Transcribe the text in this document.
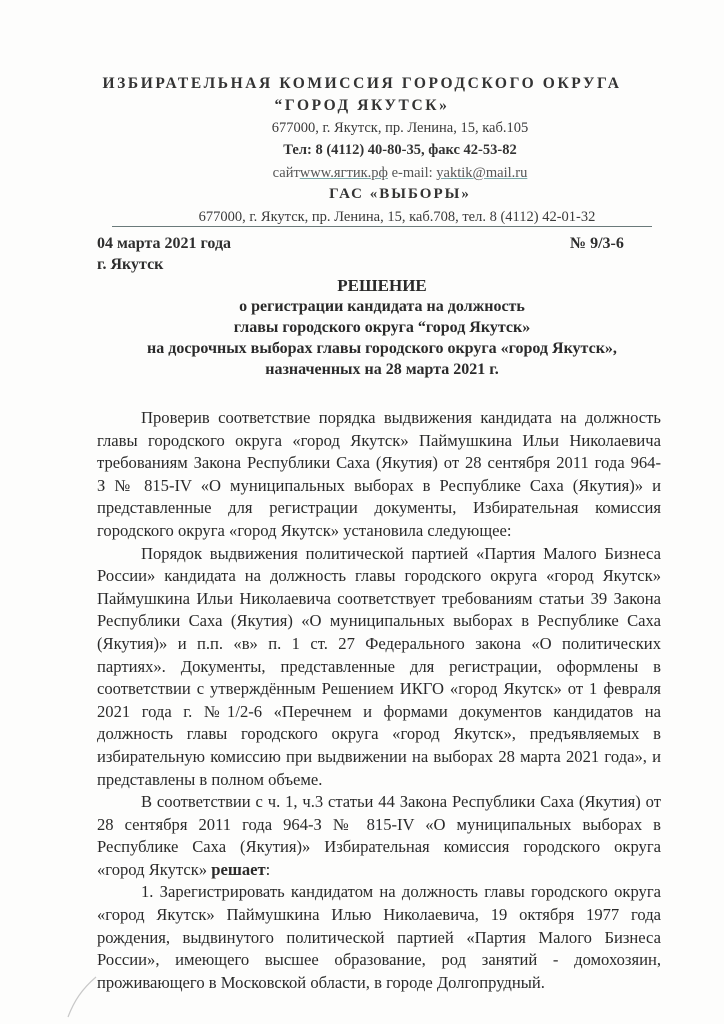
ИЗБИРАТЕЛЬНАЯ КОМИССИЯ ГОРОДСКОГО ОКРУГА
“ГОРОД ЯКУТСК»
677000, г. Якутск, пр. Ленина, 15, каб.105
Тел: 8 (4112) 40-80-35, факс 42-53-82
сайтwww.ягтик.рф e-mail: yaktik@mail.ru
ГАС «ВЫБОРЫ»
677000, г. Якутск, пр. Ленина, 15, каб.708, тел. 8 (4112) 42-01-32
04 марта 2021 года	№ 9/3-6
г. Якутск
РЕШЕНИЕ
о регистрации кандидата на должность
главы городского округа “город Якутск»
на досрочных выборах главы городского округа «город Якутск»,
назначенных на 28 марта 2021 г.
Проверив соответствие порядка выдвижения кандидата на должность
главы городского округа «город Якутск» Паймушкина Ильи Николаевича
требованиям Закона Республики Саха (Якутия) от 28 сентября 2011 года 964-
З № 815-IV «О муниципальных выборах в Республике Саха (Якутия)» и
представленные для регистрации документы, Избирательная комиссия
городского округа «город Якутск» установила следующее:
Порядок выдвижения политической партией «Партия Малого Бизнеса
России» кандидата на должность главы городского округа «город Якутск»
Паймушкина Ильи Николаевича соответствует требованиям статьи 39 Закона
Республики Саха (Якутия) «О муниципальных выборах в Республике Саха
(Якутия)» и п.п. «в» п. 1 ст. 27 Федерального закона «О политических
партиях». Документы, представленные для регистрации, оформлены в
соответствии с утверждённым Решением ИКГО «город Якутск» от 1 февраля
2021 года г. №1/2-6 «Перечнем и формами документов кандидатов на
должность главы городского округа «город Якутск», предъявляемых в
избирательную комиссию при выдвижении на выборах 28 марта 2021 года», и
представлены в полном объеме.
В соответствии с ч. 1, ч.3 статьи 44 Закона Республики Саха (Якутия) от
28 сентября 2011 года 964-З № 815-IV «О муниципальных выборах в
Республике Саха (Якутия)» Избирательная комиссия городского округа
«город Якутск» решает:
1. Зарегистрировать кандидатом на должность главы городского округа
«город Якутск» Паймушкина Илью Николаевича, 19 октября 1977 года
рождения, выдвинутого политической партией «Партия Малого Бизнеса
России», имеющего высшее образование, род занятий - домохозяин,
проживающего в Московской области, в городе Долгопрудный.
